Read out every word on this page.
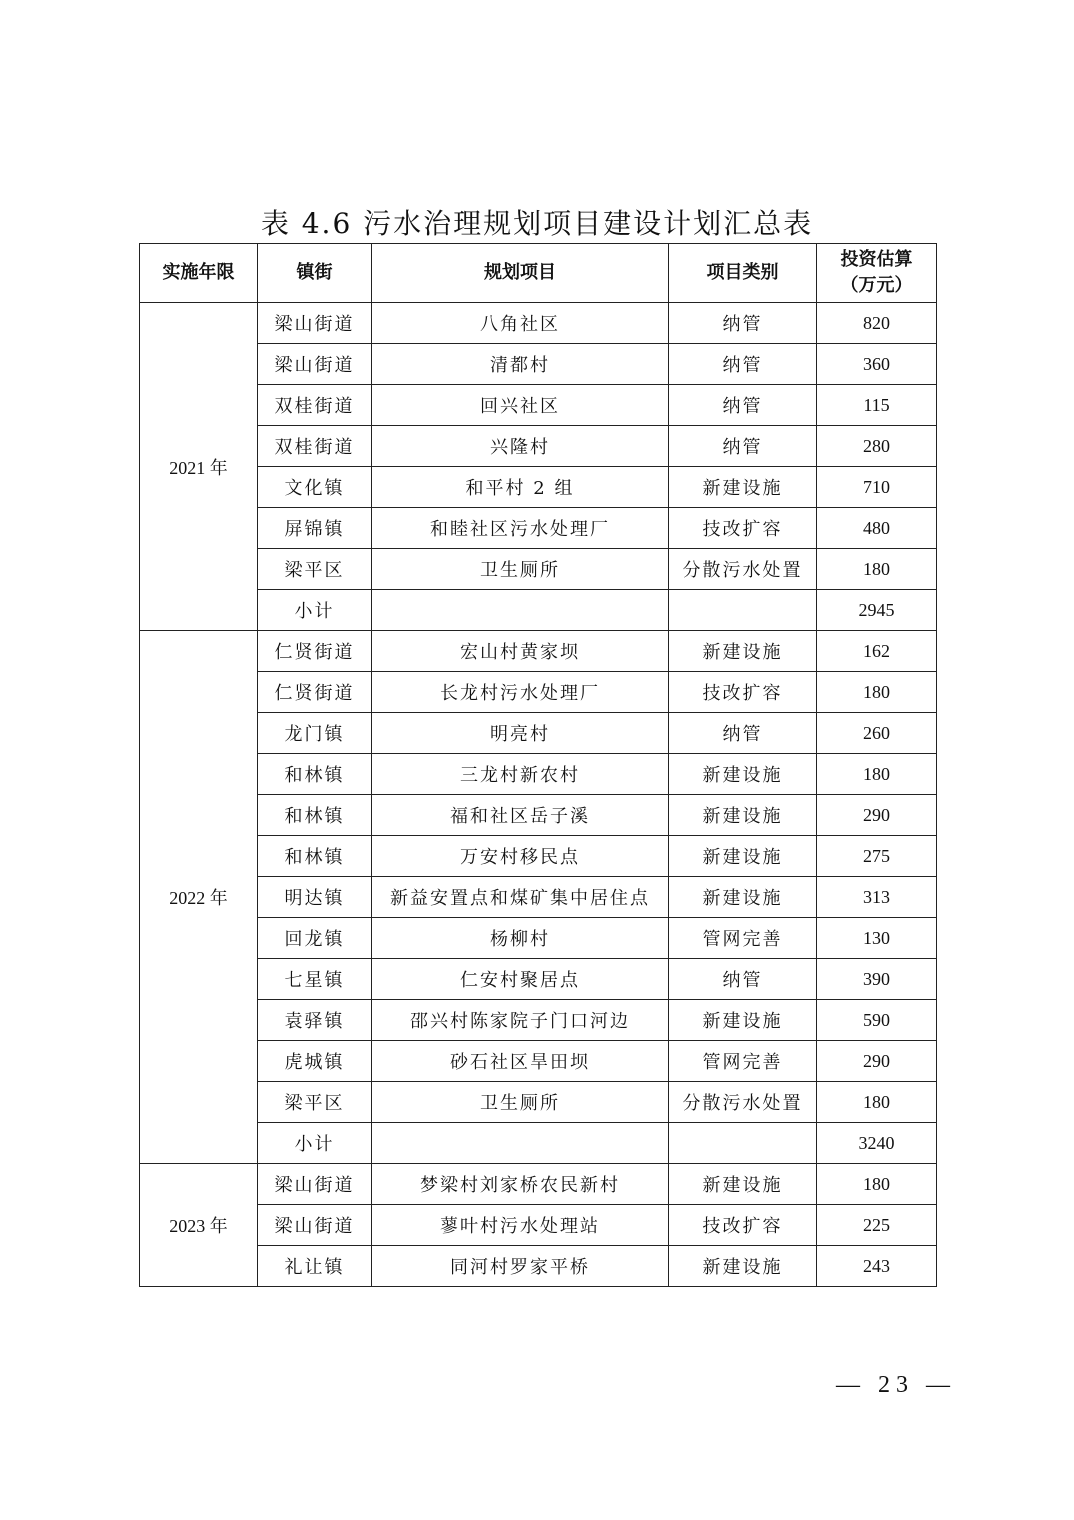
表 4.6 污水治理规划项目建设计划汇总表
实施年限	镇街	规划项目	项目类别	投资估算
（万元）

2021 年	梁山街道	八角社区	纳管	820
	梁山街道	清都村	纳管	360
	双桂街道	回兴社区	纳管	115
	双桂街道	兴隆村	纳管	280
	文化镇	和平村 2 组	新建设施	710
	屏锦镇	和睦社区污水处理厂	技改扩容	480
	梁平区	卫生厕所	分散污水处置	180
	小计			2945
2022 年	仁贤街道	宏山村黄家坝	新建设施	162
	仁贤街道	长龙村污水处理厂	技改扩容	180
	龙门镇	明亮村	纳管	260
	和林镇	三龙村新农村	新建设施	180
	和林镇	福和社区岳子溪	新建设施	290
	和林镇	万安村移民点	新建设施	275
	明达镇	新益安置点和煤矿集中居住点	新建设施	313
	回龙镇	杨柳村	管网完善	130
	七星镇	仁安村聚居点	纳管	390
	袁驿镇	邵兴村陈家院子门口河边	新建设施	590
	虎城镇	砂石社区旱田坝	管网完善	290
	梁平区	卫生厕所	分散污水处置	180
	小计			3240
2023 年	梁山街道	梦梁村刘家桥农民新村	新建设施	180
	梁山街道	蓼叶村污水处理站	技改扩容	225
	礼让镇	同河村罗家平桥	新建设施	243
— 23 —
